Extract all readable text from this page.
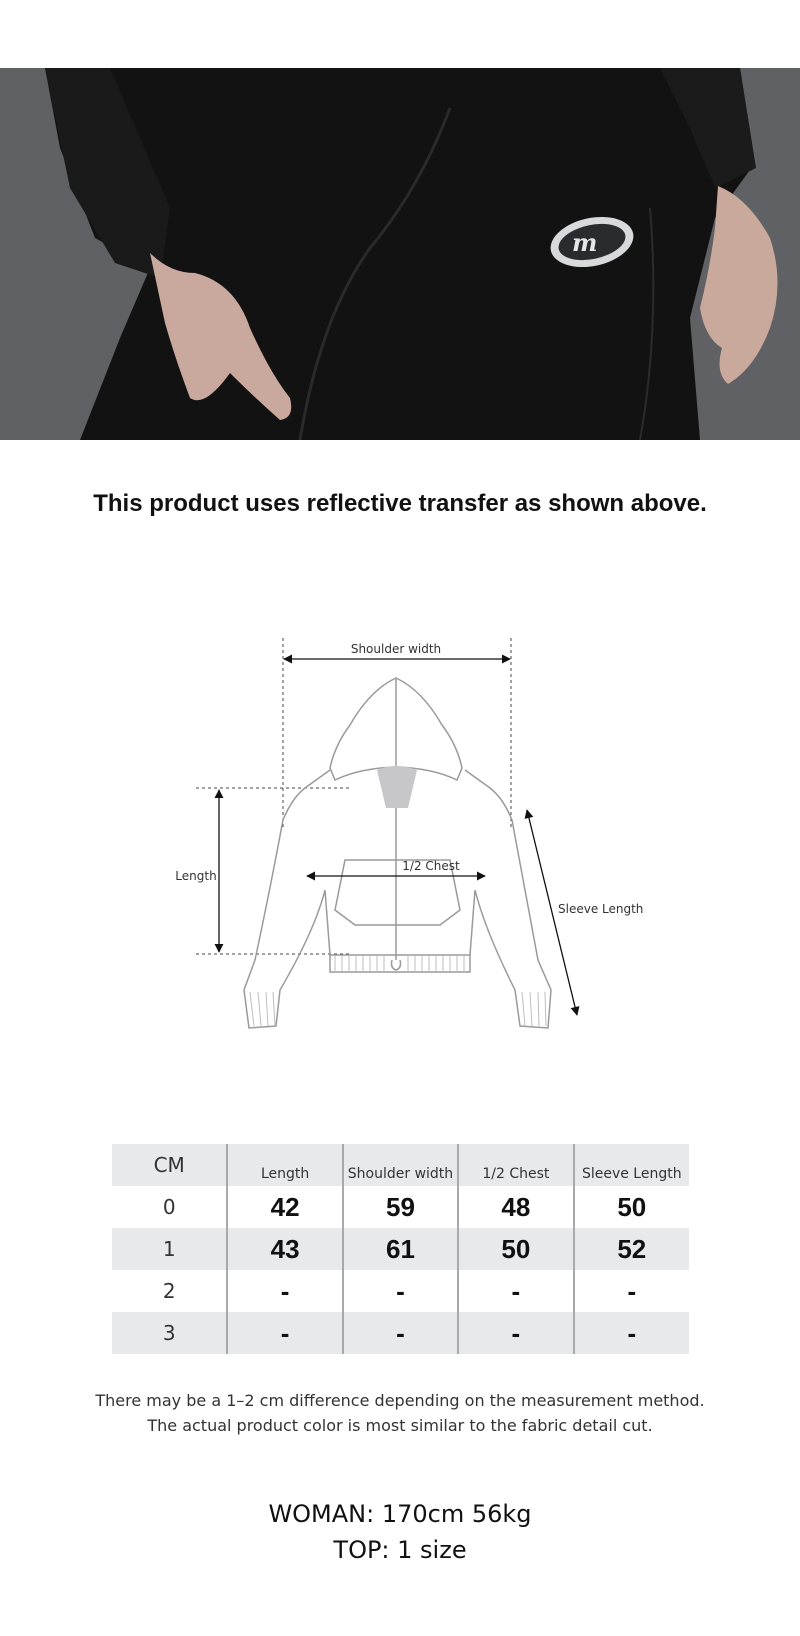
m
This product uses reflective transfer as shown above.
Shoulder width
Length
1/2 Chest
Sleeve Length
CM	Length	Shoulder width	1/2 Chest	Sleeve Length
0	42	59	48	50
1	43	61	50	52
2	-	-	-	-
3	-	-	-	-
There may be a 1–2 cm difference depending on the measurement method.
The actual product color is most similar to the fabric detail cut.
WOMAN: 170cm 56kg
TOP: 1 size
